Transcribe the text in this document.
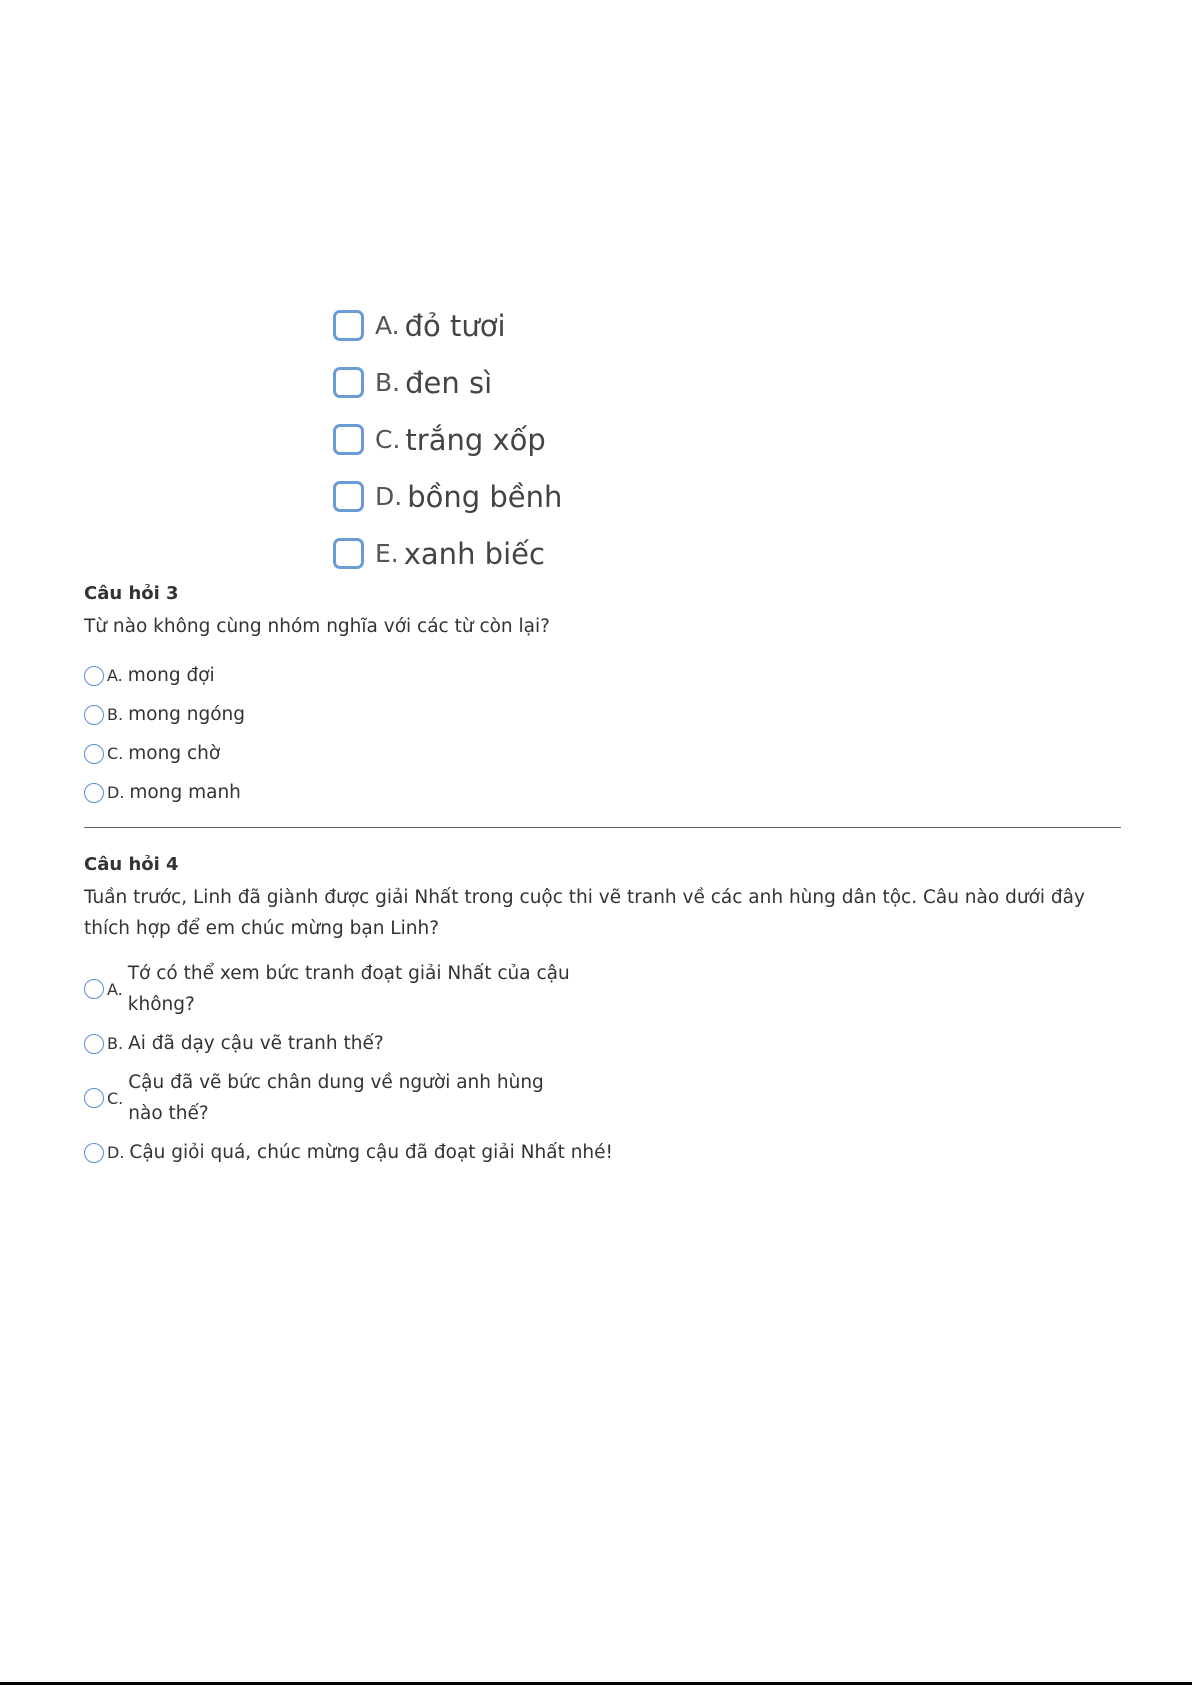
A. đỏ tươi
B. đen sì
C. trắng xốp
D. bồng bềnh
E. xanh biếc
Câu hỏi 3
Từ nào không cùng nhóm nghĩa với các từ còn lại?
A. mong đợi
B. mong ngóng
C. mong chờ
D. mong manh
Câu hỏi 4
Tuần trước, Linh đã giành được giải Nhất trong cuộc thi vẽ tranh về các anh hùng dân tộc. Câu nào dưới đây thích hợp để em chúc mừng bạn Linh?
A.
Tớ có thể xem bức tranh đoạt giải Nhất của cậu không?
B. Ai đã dạy cậu vẽ tranh thế?
C.
Cậu đã vẽ bức chân dung về người anh hùng nào thế?
D. Cậu giỏi quá, chúc mừng cậu đã đoạt giải Nhất nhé!
